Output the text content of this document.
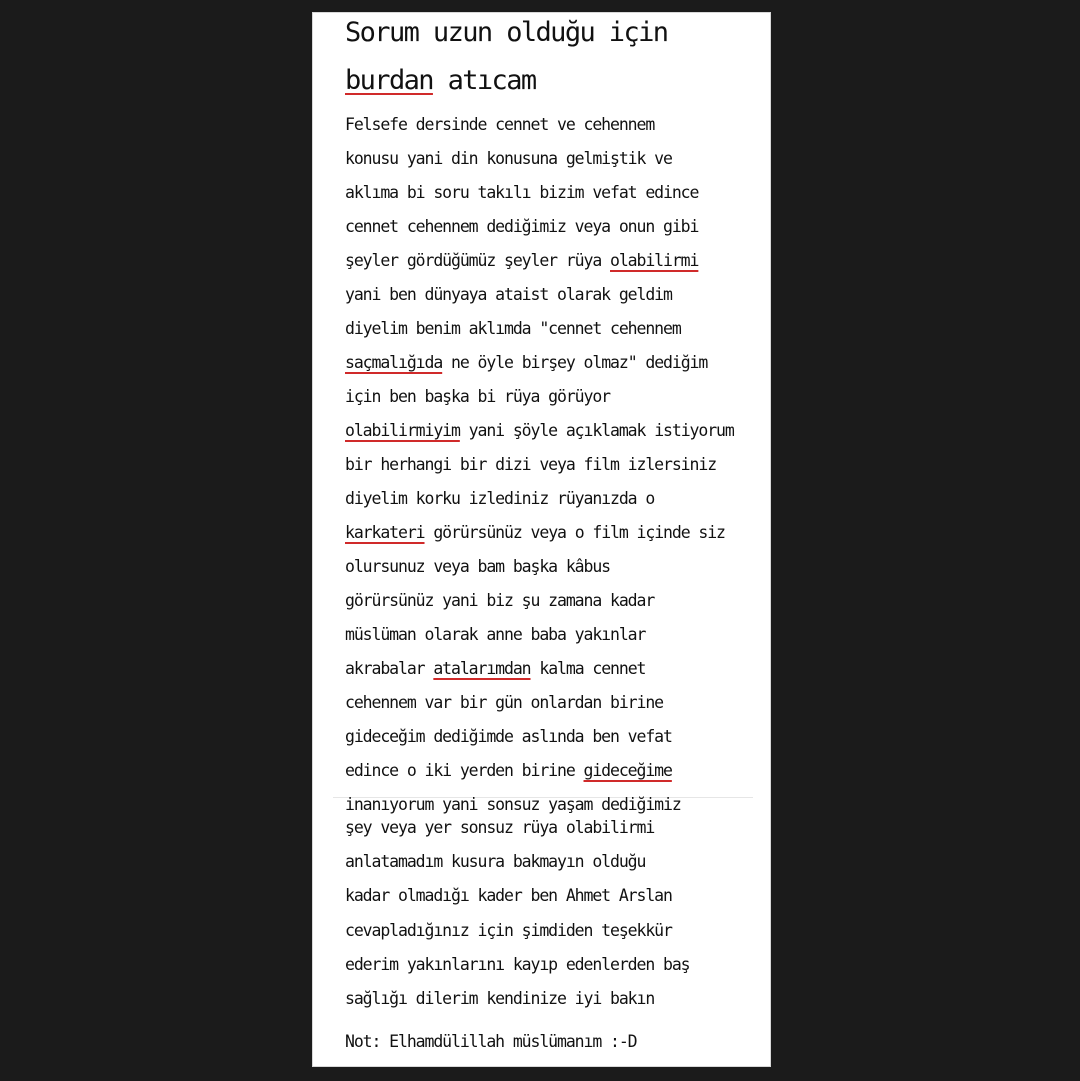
Sorum uzun olduğu için
burdan atıcam
Felsefe dersinde cennet ve cehennem
konusu yani din konusuna gelmiştik ve
aklıma bi soru takılı bizim vefat edince
cennet cehennem dediğimiz veya onun gibi
şeyler gördüğümüz şeyler rüya olabilirmi
yani ben dünyaya ataist olarak geldim
diyelim benim aklımda "cennet cehennem
saçmalığıda ne öyle birşey olmaz" dediğim
için ben başka bi rüya görüyor
olabilirmiyim yani şöyle açıklamak istiyorum
bir herhangi bir dizi veya film izlersiniz
diyelim korku izlediniz rüyanızda o
karkateri görürsünüz veya o film içinde siz
olursunuz veya bam başka kâbus
görürsünüz yani biz şu zamana kadar
müslüman olarak anne baba yakınlar
akrabalar atalarımdan kalma cennet
cehennem var bir gün onlardan birine
gideceğim dediğimde aslında ben vefat
edince o iki yerden birine gideceğime
inanıyorum yani sonsuz yaşam dediğimiz
şey veya yer sonsuz rüya olabilirmi
anlatamadım kusura bakmayın olduğu
kadar olmadığı kader ben Ahmet Arslan
cevapladığınız için şimdiden teşekkür
ederim yakınlarını kayıp edenlerden baş
sağlığı dilerim kendinize iyi bakın
Not: Elhamdülillah müslümanım :-D
